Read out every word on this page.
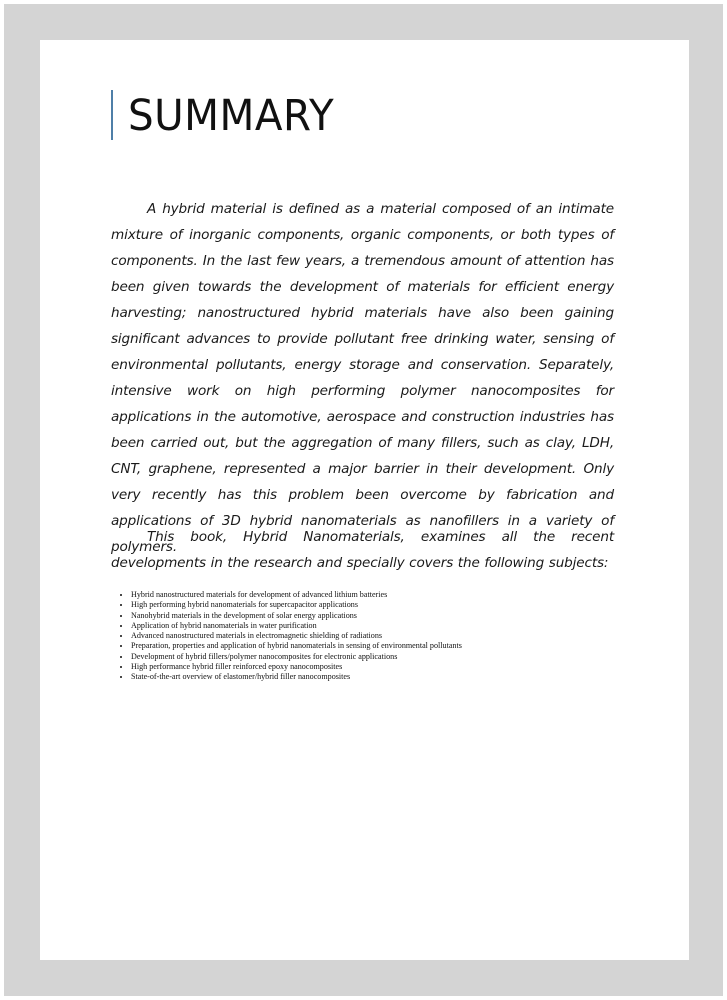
SUMMARY

A hybrid material is defined as a material composed of an intimate mixture of inorganic components, organic components, or both types of components. In the last few years, a tremendous amount of attention has been given towards the development of materials for efficient energy harvesting; nanostructured hybrid materials have also been gaining significant advances to provide pollutant free drinking water, sensing of environmental pollutants, energy storage and conservation. Separately, intensive work on high performing polymer nanocomposites for applications in the automotive, aerospace and construction industries has been carried out, but the aggregation of many fillers, such as clay, LDH, CNT, graphene, represented a major barrier in their development. Only very recently has this problem been overcome by fabrication and applications of 3D hybrid nanomaterials as nanofillers in a variety of polymers.

This book, Hybrid Nanomaterials, examines all the recent developments in the research and specially covers the following subjects:

• Hybrid nanostructured materials for development of advanced lithium batteries
• High performing hybrid nanomaterials for supercapacitor applications
• Nanohybrid materials in the development of solar energy applications
• Application of hybrid nanomaterials in water purification
• Advanced nanostructured materials in electromagnetic shielding of radiations
• Preparation, properties and application of hybrid nanomaterials in sensing of environmental pollutants
• Development of hybrid fillers/polymer nanocomposites for electronic applications
• High performance hybrid filler reinforced epoxy nanocomposites
• State-of-the-art overview of elastomer/hybrid filler nanocomposites
